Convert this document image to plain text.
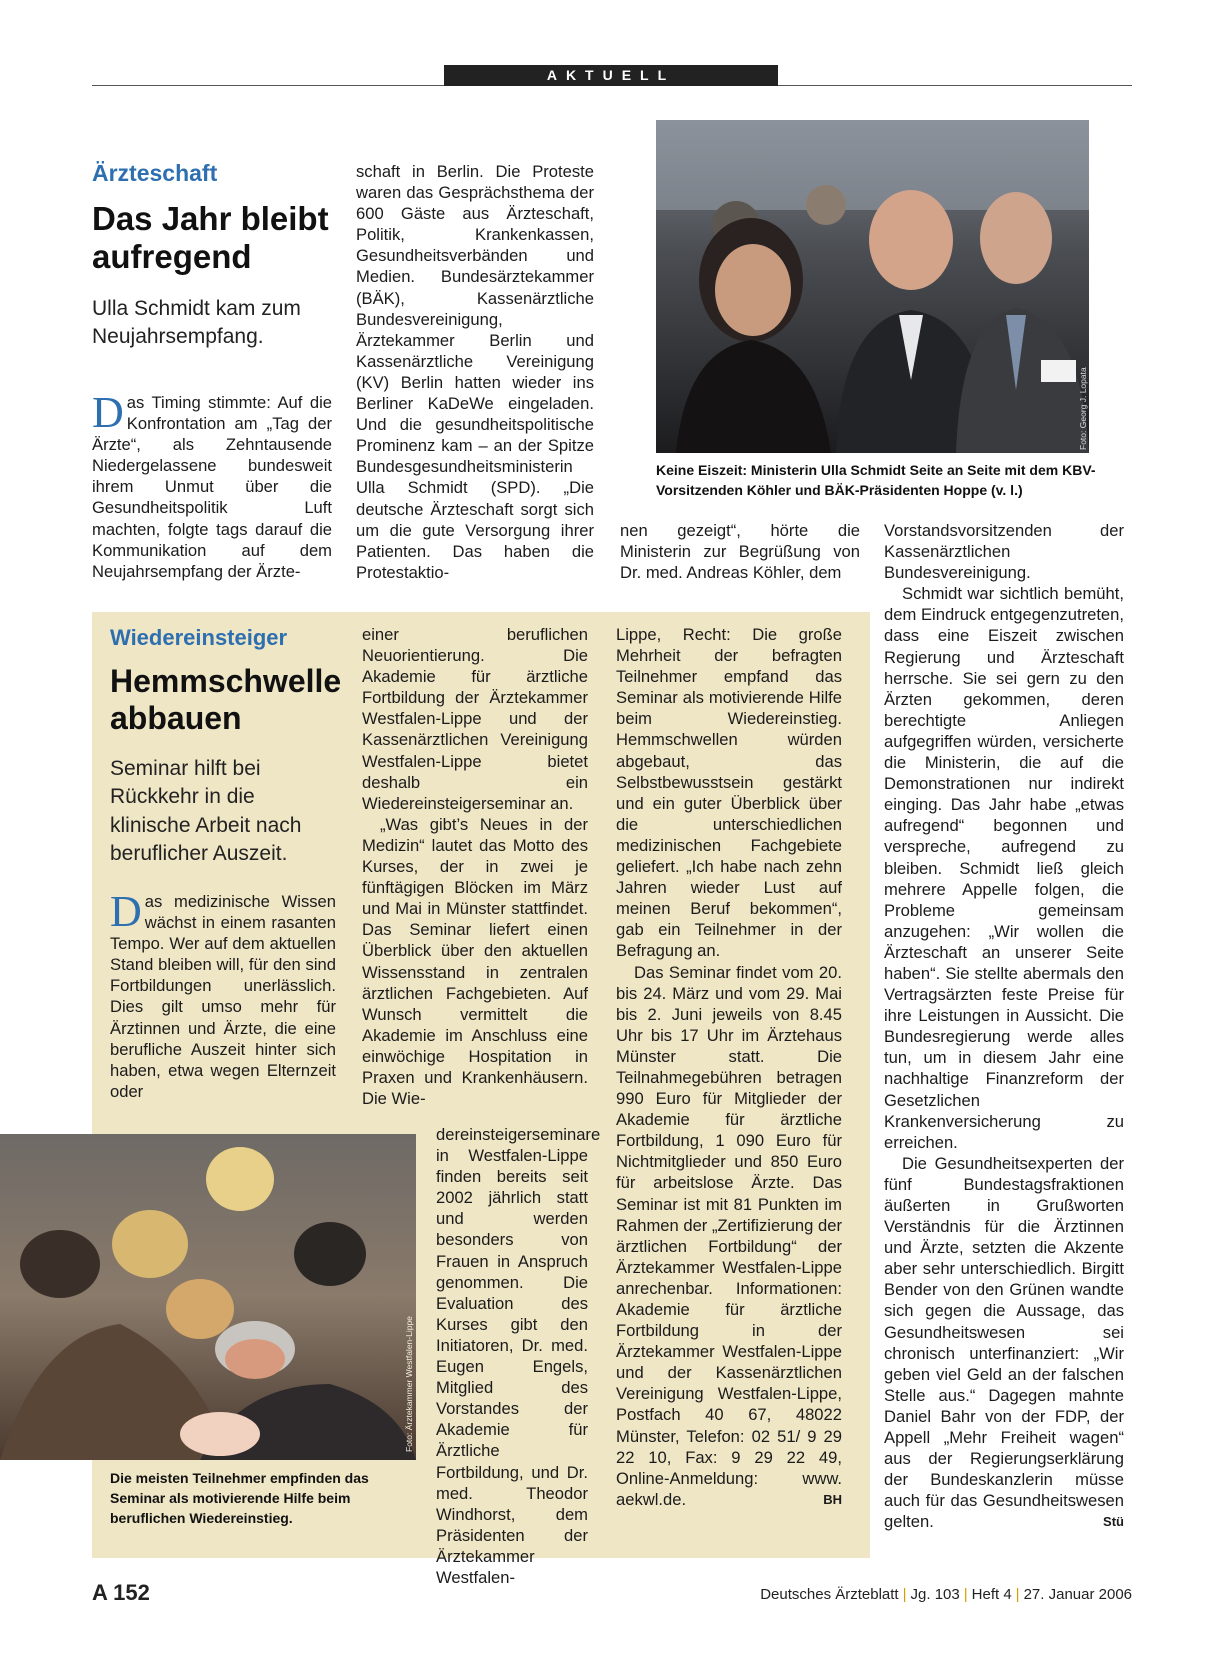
AKTUELL
Ärzteschaft
Das Jahr bleibt
aufregend
Ulla Schmidt kam zum
Neujahrsempfang.

Das Timing stimmte: Auf die Konfrontation am „Tag der Ärzte“, als Zehntausende Niedergelassene bundesweit ihrem Unmut über die Gesundheitspolitik Luft machten, folgte tags darauf die Kommunikation auf dem Neujahrsempfang der Ärzte-

schaft in Berlin. Die Proteste waren das Gesprächsthema der 600 Gäste aus Ärzteschaft, Politik, Krankenkassen, Gesundheitsverbänden und Medien. Bundesärztekammer (BÄK), Kassenärztliche Bundesvereinigung, Ärztekammer Berlin und Kassenärztliche Vereinigung (KV) Berlin hatten wieder ins Berliner KaDeWe eingeladen. Und die gesundheitspolitische Prominenz kam – an der Spitze Bundesgesundheitsministerin Ulla Schmidt (SPD). „Die deutsche Ärzteschaft sorgt sich um die gute Versorgung ihrer Patienten. Das haben die Protestaktio-

Foto: Georg J. Lopata
Keine Eiszeit: Ministerin Ulla Schmidt Seite an Seite mit dem KBV-Vorsitzenden Köhler und BÄK-Präsidenten Hoppe (v. l.)

nen gezeigt“, hörte die Ministerin zur Begrüßung von Dr. med. Andreas Köhler, dem

Vorstandsvorsitzenden der Kassenärztlichen Bundesvereinigung.

Schmidt war sichtlich bemüht, dem Eindruck entgegenzutreten, dass eine Eiszeit zwischen Regierung und Ärzteschaft herrsche. Sie sei gern zu den Ärzten gekommen, deren berechtigte Anliegen aufgegriffen würden, versicherte die Ministerin, die auf die Demonstrationen nur indirekt einging. Das Jahr habe „etwas aufregend“ begonnen und verspreche, aufregend zu bleiben. Schmidt ließ gleich mehrere Appelle folgen, die Probleme gemeinsam anzugehen: „Wir wollen die Ärzteschaft an unserer Seite haben“. Sie stellte abermals den Vertragsärzten feste Preise für ihre Leistungen in Aussicht. Die Bundesregierung werde alles tun, um in diesem Jahr eine nachhaltige Finanzreform der Gesetzlichen Krankenversicherung zu erreichen.

Die Gesundheitsexperten der fünf Bundestagsfraktionen äußerten in Grußworten Verständnis für die Ärztinnen und Ärzte, setzten die Akzente aber sehr unterschiedlich. Birgitt Bender von den Grünen wandte sich gegen die Aussage, das Gesundheitswesen sei chronisch unterfinanziert: „Wir geben viel Geld an der falschen Stelle aus.“ Dagegen mahnte Daniel Bahr von der FDP, der Appell „Mehr Freiheit wagen“ aus der Regierungserklärung der Bundeskanzlerin müsse auch für das Gesundheitswesen gelten.	Stü

Wiedereinsteiger
Hemmschwelle
abbauen
Seminar hilft bei Rückkehr in die klinische Arbeit nach beruflicher Auszeit.

Das medizinische Wissen wächst in einem rasanten Tempo. Wer auf dem aktuellen Stand bleiben will, für den sind Fortbildungen unerlässlich. Dies gilt umso mehr für Ärztinnen und Ärzte, die eine berufliche Auszeit hinter sich haben, etwa wegen Elternzeit oder

einer beruflichen Neuorientierung. Die Akademie für ärztliche Fortbildung der Ärztekammer Westfalen-Lippe und der Kassenärztlichen Vereinigung Westfalen-Lippe bietet deshalb ein Wiedereinsteigerseminar an.

„Was gibt’s Neues in der Medizin“ lautet das Motto des Kurses, der in zwei je fünftägigen Blöcken im März und Mai in Münster stattfindet. Das Seminar liefert einen Überblick über den aktuellen Wissensstand in zentralen ärztlichen Fachgebieten. Auf Wunsch vermittelt die Akademie im Anschluss eine einwöchige Hospitation in Praxen und Krankenhäusern. Die Wie-

dereinsteigerseminare in Westfalen-Lippe finden bereits seit 2002 jährlich statt und werden besonders von Frauen in Anspruch genommen. Die Evaluation des Kurses gibt den Initiatoren, Dr. med. Eugen Engels, Mitglied des Vorstandes der Akademie für Ärztliche Fortbildung, und Dr. med. Theodor Windhorst, dem Präsidenten der Ärztekammer Westfalen-

Lippe, Recht: Die große Mehrheit der befragten Teilnehmer empfand das Seminar als motivierende Hilfe beim Wiedereinstieg. Hemmschwellen würden abgebaut, das Selbstbewusstsein gestärkt und ein guter Überblick über die unterschiedlichen medizinischen Fachgebiete geliefert. „Ich habe nach zehn Jahren wieder Lust auf meinen Beruf bekommen“, gab ein Teilnehmer in der Befragung an.

Das Seminar findet vom 20. bis 24. März und vom 29. Mai bis 2. Juni jeweils von 8.45 Uhr bis 17 Uhr im Ärztehaus Münster statt. Die Teilnahmegebühren betragen 990 Euro für Mitglieder der Akademie für ärztliche Fortbildung, 1 090 Euro für Nichtmitglieder und 850 Euro für arbeitslose Ärzte. Das Seminar ist mit 81 Punkten im Rahmen der „Zertifizierung der ärztlichen Fortbildung“ der Ärztekammer Westfalen-Lippe anrechenbar. Informationen: Akademie für ärztliche Fortbildung in der Ärztekammer Westfalen-Lippe und der Kassenärztlichen Vereinigung Westfalen-Lippe, Postfach 40 67, 48022 Münster, Telefon: 02 51/ 9 29 22 10, Fax: 9 29 22 49, Online-Anmeldung: www. aekwl.de.	BH

Foto: Ärztekammer Westfalen-Lippe
Die meisten Teilnehmer empfinden das Seminar als motivierende Hilfe beim beruflichen Wiedereinstieg.
A 152	Deutsches Ärzteblatt | Jg. 103 | Heft 4 | 27. Januar 2006
